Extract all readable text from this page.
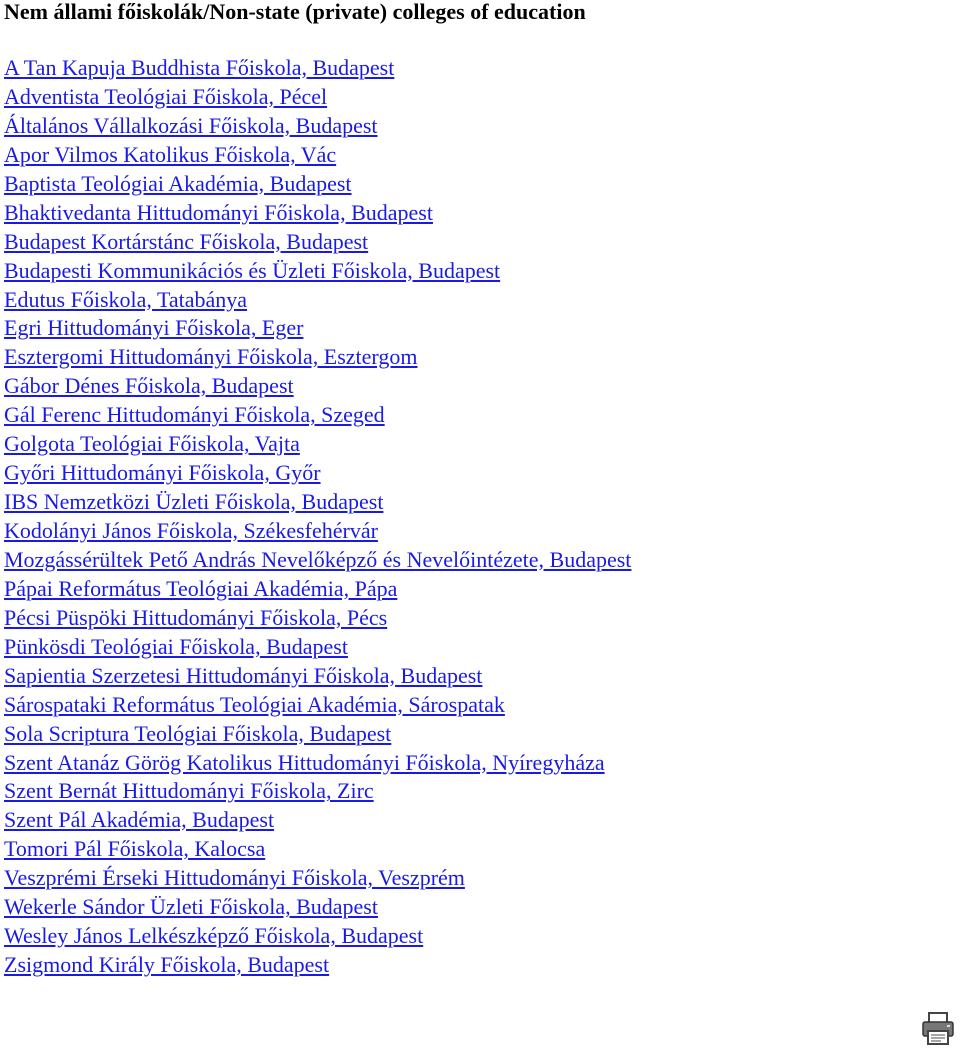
Nem állami főiskolák/Non-state (private) colleges of education
A Tan Kapuja Buddhista Főiskola, Budapest
Adventista Teológiai Főiskola, Pécel
Általános Vállalkozási Főiskola, Budapest
Apor Vilmos Katolikus Főiskola, Vác
Baptista Teológiai Akadémia, Budapest
Bhaktivedanta Hittudományi Főiskola, Budapest
Budapest Kortárstánc Főiskola, Budapest
Budapesti Kommunikációs és Üzleti Főiskola, Budapest
Edutus Főiskola, Tatabánya
Egri Hittudományi Főiskola, Eger
Esztergomi Hittudományi Főiskola, Esztergom
Gábor Dénes Főiskola, Budapest
Gál Ferenc Hittudományi Főiskola, Szeged
Golgota Teológiai Főiskola, Vajta
Győri Hittudományi Főiskola, Győr
IBS Nemzetközi Üzleti Főiskola, Budapest
Kodolányi János Főiskola, Székesfehérvár
Mozgássérültek Pető András Nevelőképző és Nevelőintézete, Budapest
Pápai Református Teológiai Akadémia, Pápa
Pécsi Püspöki Hittudományi Főiskola, Pécs
Pünkösdi Teológiai Főiskola, Budapest
Sapientia Szerzetesi Hittudományi Főiskola, Budapest
Sárospataki Református Teológiai Akadémia, Sárospatak
Sola Scriptura Teológiai Főiskola, Budapest
Szent Atanáz Görög Katolikus Hittudományi Főiskola, Nyíregyháza
Szent Bernát Hittudományi Főiskola, Zirc
Szent Pál Akadémia, Budapest
Tomori Pál Főiskola, Kalocsa
Veszprémi Érseki Hittudományi Főiskola, Veszprém
Wekerle Sándor Üzleti Főiskola, Budapest
Wesley János Lelkészképző Főiskola, Budapest
Zsigmond Király Főiskola, Budapest
